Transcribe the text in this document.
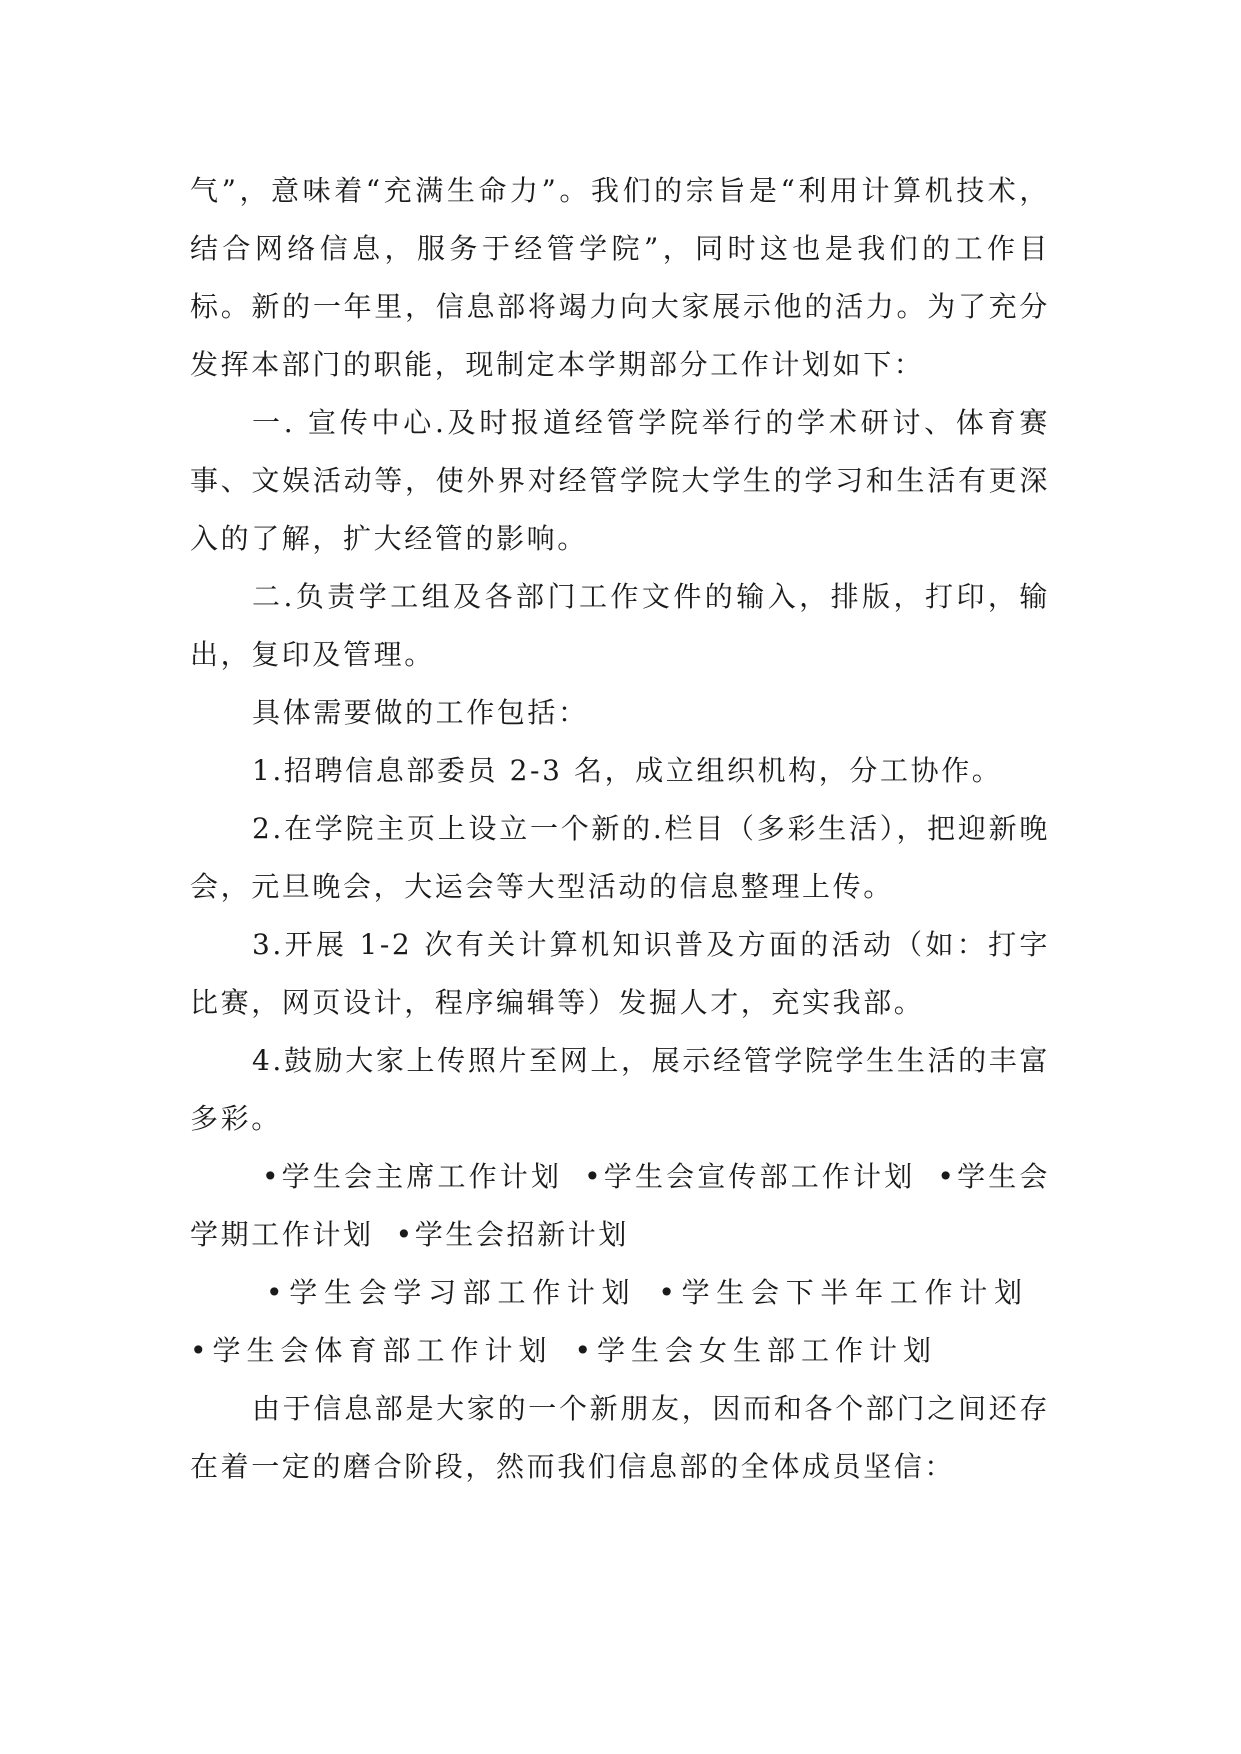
气”，意味着“充满生命力”。我们的宗旨是“利用计算机技术，结合网络信息，服务于经管学院”，同时这也是我们的工作目标。新的一年里，信息部将竭力向大家展示他的活力。为了充分发挥本部门的职能，现制定本学期部分工作计划如下：

一. 宣传中心.及时报道经管学院举行的学术研讨、体育赛事、文娱活动等，使外界对经管学院大学生的学习和生活有更深入的了解，扩大经管的影响。

二.负责学工组及各部门工作文件的输入，排版，打印，输出，复印及管理。

具体需要做的工作包括：

1.招聘信息部委员 2-3 名，成立组织机构，分工协作。

2.在学院主页上设立一个新的.栏目（多彩生活），把迎新晚会，元旦晚会，大运会等大型活动的信息整理上传。

3.开展 1-2 次有关计算机知识普及方面的活动（如：打字比赛，网页设计，程序编辑等）发掘人才，充实我部。

4.鼓励大家上传照片至网上，展示经管学院学生生活的丰富多彩。

•学生会主席工作计划 •学生会宣传部工作计划 •学生会学期工作计划 •学生会招新计划

•学生会学习部工作计划 •学生会下半年工作计划•学生会体育部工作计划 •学生会女生部工作计划

由于信息部是大家的一个新朋友，因而和各个部门之间还存在着一定的磨合阶段，然而我们信息部的全体成员坚信：
